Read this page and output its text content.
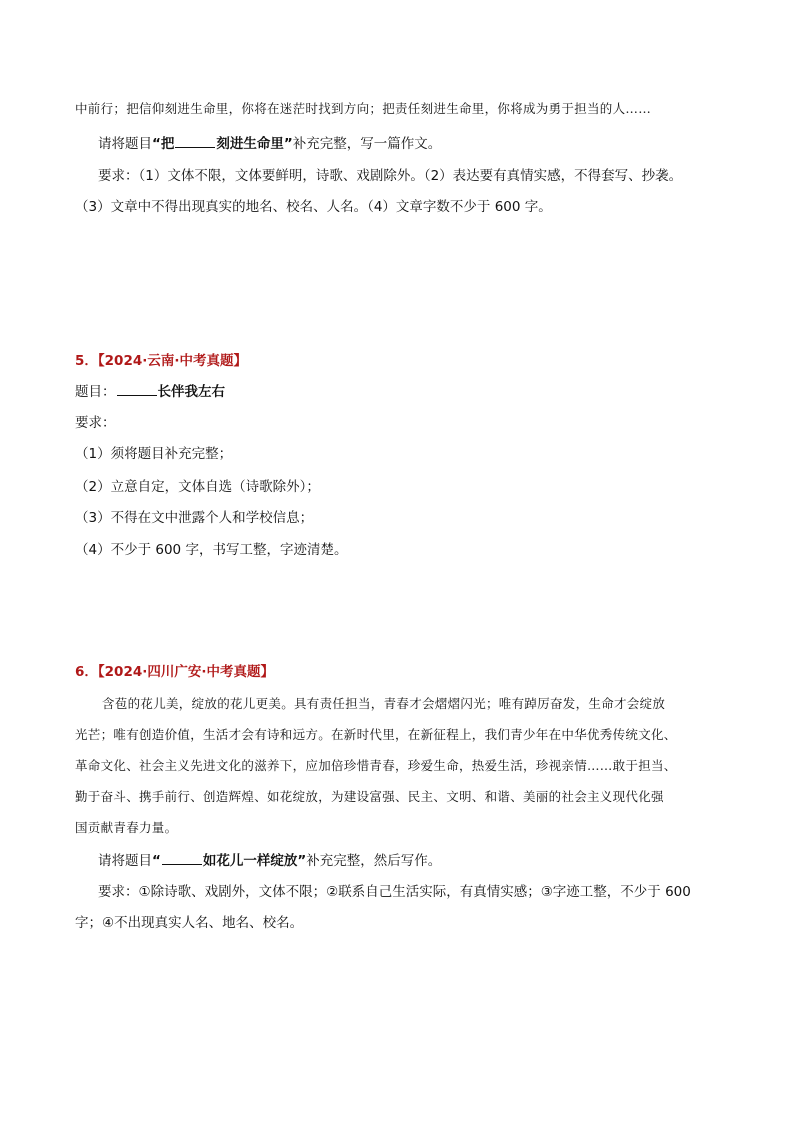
中前行；把信仰刻进生命里，你将在迷茫时找到方向；把责任刻进生命里，你将成为勇于担当的人……
请将题目“把	刻进生命里”补充完整，写一篇作文。
要求：（1）文体不限，文体要鲜明，诗歌、戏剧除外。（2）表达要有真情实感，不得套写、抄袭。
（3）文章中不得出现真实的地名、校名、人名。（4）文章字数不少于 600 字。
5．【2024·云南·中考真题】
题目：	长伴我左右
要求：
（1）须将题目补充完整；
（2）立意自定，文体自选（诗歌除外）；
（3）不得在文中泄露个人和学校信息；
（4）不少于 600 字，书写工整，字迹清楚。
6．【2024·四川广安·中考真题】
含苞的花儿美，绽放的花儿更美。具有责任担当，青春才会熠熠闪光；唯有踔厉奋发，生命才会绽放
光芒；唯有创造价值，生活才会有诗和远方。在新时代里，在新征程上，我们青少年在中华优秀传统文化、
革命文化、社会主义先进文化的滋养下，应加倍珍惜青春，珍爱生命，热爱生活，珍视亲情……敢于担当、
勤于奋斗、携手前行、创造辉煌、如花绽放，为建设富强、民主、文明、和谐、美丽的社会主义现代化强
国贡献青春力量。
请将题目“	如花儿一样绽放”补充完整，然后写作。
要求：①除诗歌、戏剧外，文体不限；②联系自己生活实际，有真情实感；③字迹工整，不少于 600
字；④不出现真实人名、地名、校名。
